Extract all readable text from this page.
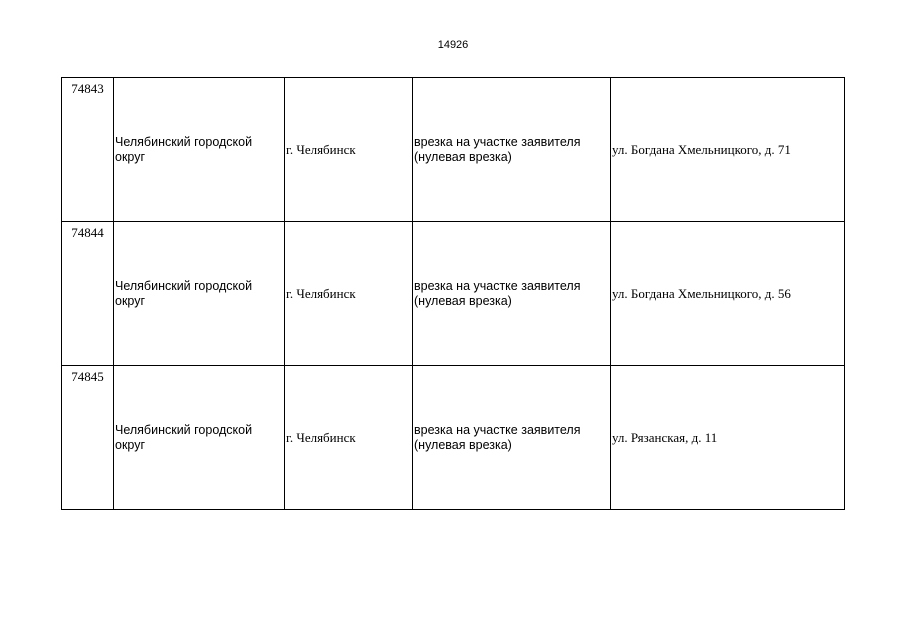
14926
74843	Челябинский городской округ	г. Челябинск	врезка на участке заявителя (нулевая врезка)	ул. Богдана Хмельницкого, д. 71
74844	Челябинский городской округ	г. Челябинск	врезка на участке заявителя (нулевая врезка)	ул. Богдана Хмельницкого, д. 56
74845	Челябинский городской округ	г. Челябинск	врезка на участке заявителя (нулевая врезка)	ул. Рязанская, д. 11
